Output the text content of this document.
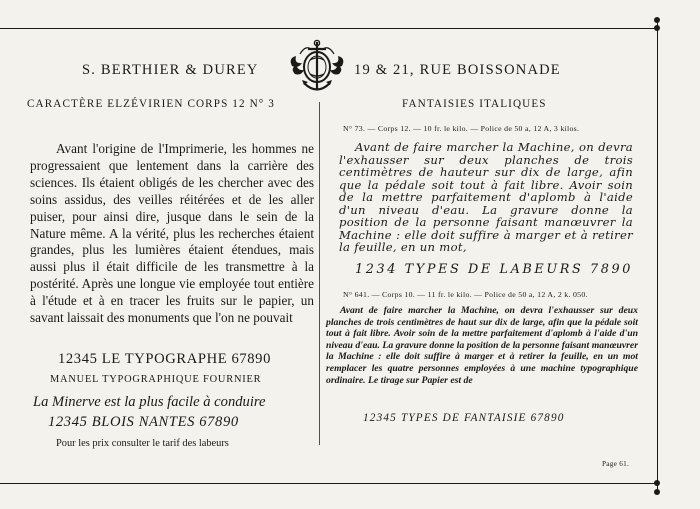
S. BERTHIER & DUREY	19 & 21, RUE BOISSONADE
CARACTÈRE ELZÉVIRIEN CORPS 12 N° 3

Avant l'origine de l'Imprimerie, les hommes ne progressaient que lentement dans la carrière des sciences. Ils étaient obligés de les chercher avec des soins assidus, des veilles réitérées et de les aller puiser, pour ainsi dire, jusque dans le sein de la Nature même. A la vérité, plus les recherches étaient grandes, plus les lumières étaient étendues, mais aussi plus il était difficile de les transmettre à la postérité. Après une longue vie employée tout entière à l'étude et à en tracer les fruits sur le papier, un savant laissait des monuments que l'on ne pouvait

12345 LE TYPOGRAPHE 67890
MANUEL TYPOGRAPHIQUE FOURNIER
La Minerve est la plus facile à conduire
12345 BLOIS NANTES 67890
Pour les prix consulter le tarif des labeurs
FANTAISIES ITALIQUES
N° 73. — Corps 12. — 10 fr. le kilo. — Police de 50 a, 12 A, 3 kilos.

Avant de faire marcher la Machine, on devra l'exhausser sur deux planches de trois centimètres de hauteur sur dix de large, afin que la pédale soit tout à fait libre. Avoir soin de la mettre parfaitement d'aplomb à l'aide d'un niveau d'eau. La gravure donne la position de la personne faisant manœuvrer la Machine : elle doit suffire à marger et à retirer la feuille, en un mot,

1234 TYPES DE LABEURS 7890
N° 641. — Corps 10. — 11 fr. le kilo. — Police de 50 a, 12 A, 2 k. 050.

Avant de faire marcher la Machine, on devra l'exhausser sur deux planches de trois centimètres de haut sur dix de large, afin que la pédale soit tout à fait libre. Avoir soin de la mettre parfaitement d'aplomb à l'aide d'un niveau d'eau. La gravure donne la position de la personne faisant manœuvrer la Machine : elle doit suffire à marger et à retirer la feuille, en un mot remplacer les quatre personnes employées à une machine typographique ordinaire. Le tirage sur Papier est de

12345 TYPES DE FANTAISIE 67890
Page 61.
